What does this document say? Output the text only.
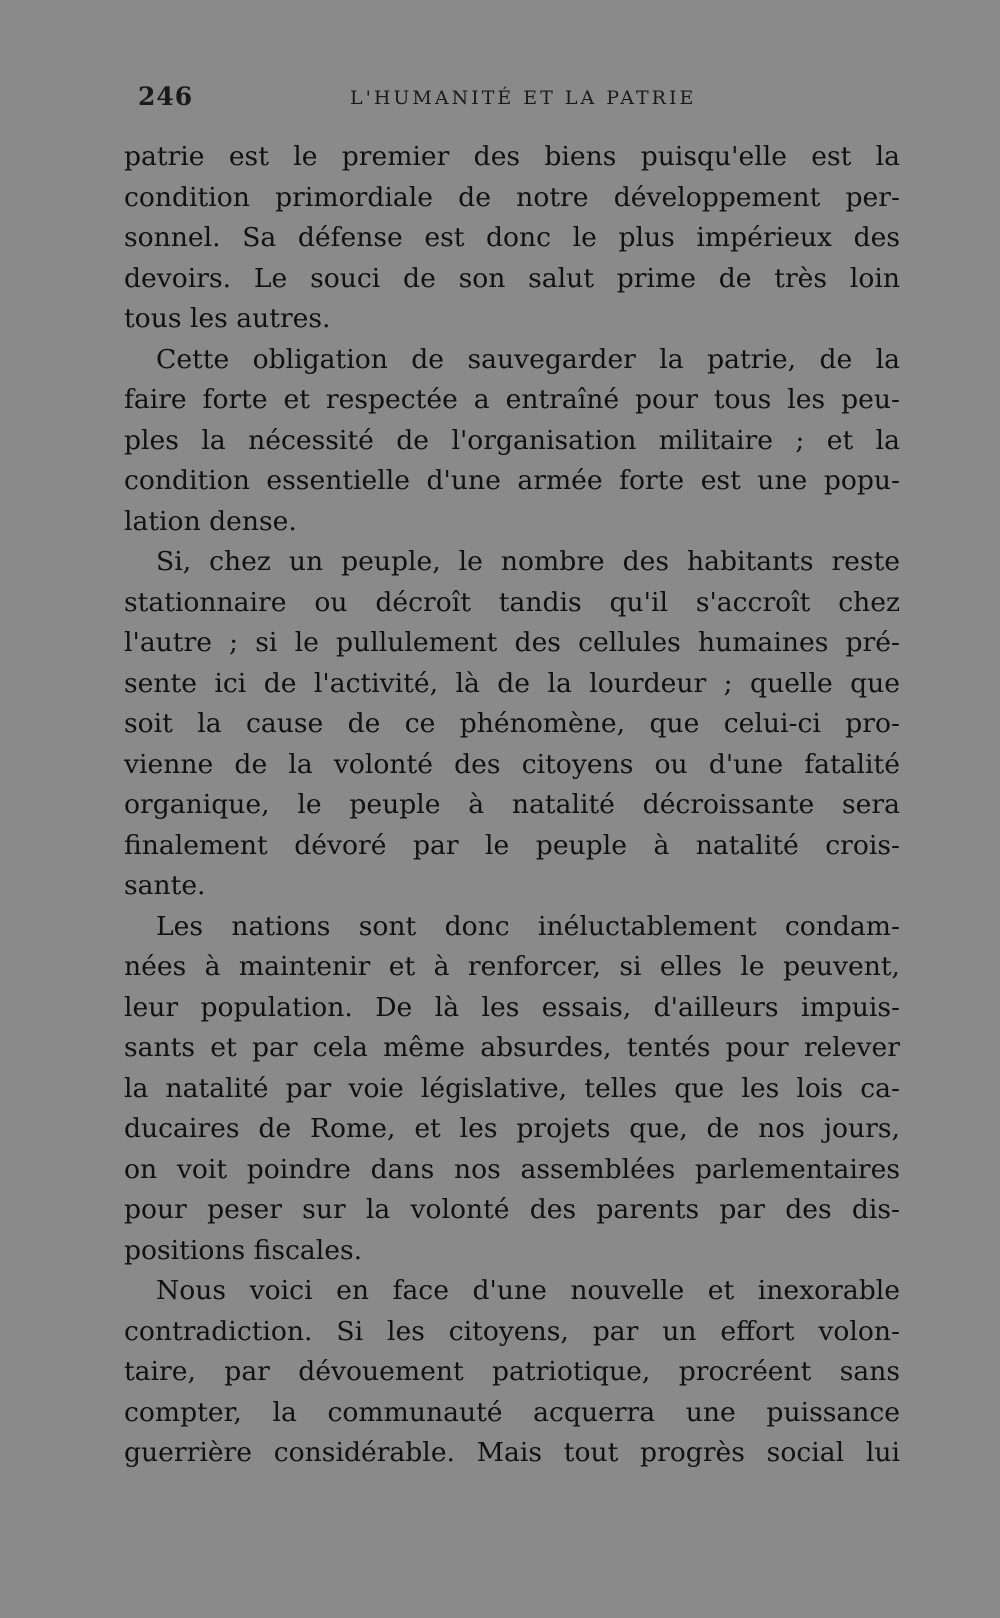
246	L'HUMANITÉ ET LA PATRIE

patrie est le premier des biens puisqu'elle est la
condition primordiale de notre développement per-
sonnel. Sa défense est donc le plus impérieux des
devoirs. Le souci de son salut prime de très loin
tous les autres.

Cette obligation de sauvegarder la patrie, de la
faire forte et respectée a entraîné pour tous les peu-
ples la nécessité de l'organisation militaire ; et la
condition essentielle d'une armée forte est une popu-
lation dense.

Si, chez un peuple, le nombre des habitants reste
stationnaire ou décroît tandis qu'il s'accroît chez
l'autre ; si le pullulement des cellules humaines pré-
sente ici de l'activité, là de la lourdeur ; quelle que
soit la cause de ce phénomène, que celui-ci pro-
vienne de la volonté des citoyens ou d'une fatalité
organique, le peuple à natalité décroissante sera
finalement dévoré par le peuple à natalité crois-
sante.

Les nations sont donc inéluctablement condam-
nées à maintenir et à renforcer, si elles le peuvent,
leur population. De là les essais, d'ailleurs impuis-
sants et par cela même absurdes, tentés pour relever
la natalité par voie législative, telles que les lois ca-
ducaires de Rome, et les projets que, de nos jours,
on voit poindre dans nos assemblées parlementaires
pour peser sur la volonté des parents par des dis-
positions fiscales.

Nous voici en face d'une nouvelle et inexorable
contradiction. Si les citoyens, par un effort volon-
taire, par dévouement patriotique, procréent sans
compter, la communauté acquerra une puissance
guerrière considérable. Mais tout progrès social lui
